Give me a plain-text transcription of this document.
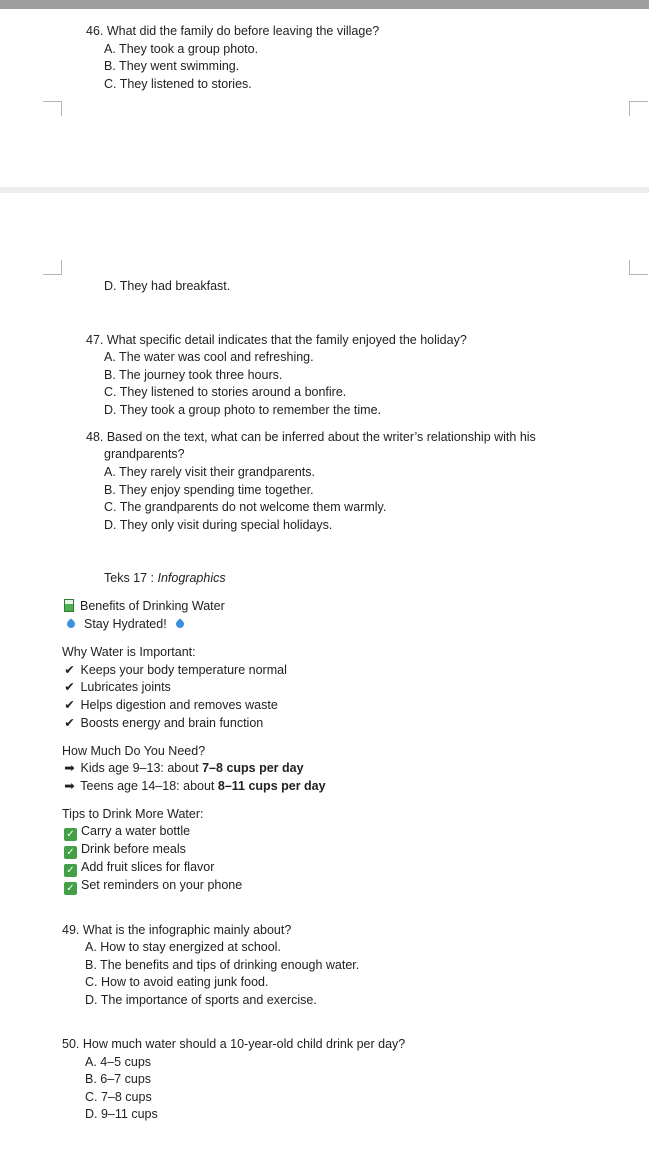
46. What did the family do before leaving the village?
A. They took a group photo.
B. They went swimming.
C. They listened to stories.
D. They had breakfast.
47. What specific detail indicates that the family enjoyed the holiday?
A. The water was cool and refreshing.
B. The journey took three hours.
C. They listened to stories around a bonfire.
D. They took a group photo to remember the time.
48. Based on the text, what can be inferred about the writer’s relationship with his
grandparents?
A. They rarely visit their grandparents.
B. They enjoy spending time together.
C. The grandparents do not welcome them warmly.
D. They only visit during special holidays.
Teks 17 : Infographics
Benefits of Drinking Water
Stay Hydrated!
Why Water is Important:
✔ Keeps your body temperature normal
✔ Lubricates joints
✔ Helps digestion and removes waste
✔ Boosts energy and brain function
How Much Do You Need?
➡ Kids age 9–13: about 7–8 cups per day
➡ Teens age 14–18: about 8–11 cups per day
Tips to Drink More Water:
✓ Carry a water bottle
✓ Drink before meals
✓ Add fruit slices for flavor
✓ Set reminders on your phone
49. What is the infographic mainly about?
A. How to stay energized at school.
B. The benefits and tips of drinking enough water.
C. How to avoid eating junk food.
D. The importance of sports and exercise.
50. How much water should a 10-year-old child drink per day?
A. 4–5 cups
B. 6–7 cups
C. 7–8 cups
D. 9–11 cups
